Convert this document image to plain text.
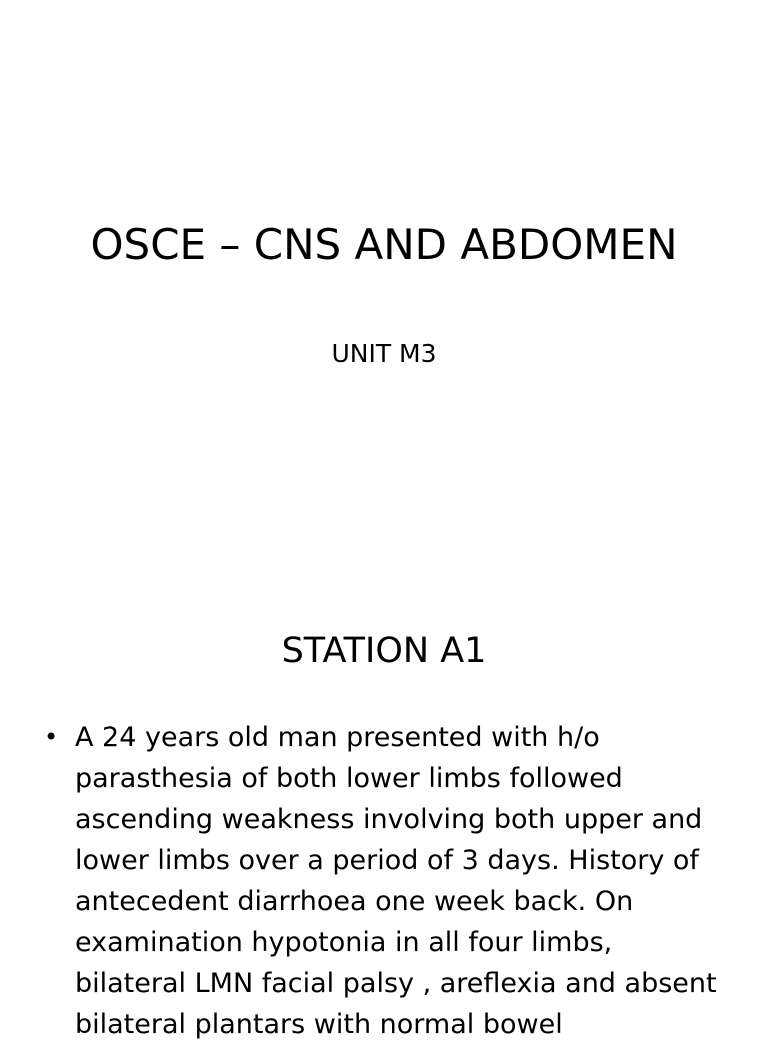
OSCE – CNS AND ABDOMEN

UNIT M3

STATION A1
• A 24 years old man presented with h/o parasthesia of both lower limbs followed ascending weakness involving both upper and lower limbs over a period of 3 days. History of antecedent diarrhoea one week back. On examination hypotonia in all four limbs, bilateral LMN facial palsy , areflexia and absent bilateral plantars with normal bowel
